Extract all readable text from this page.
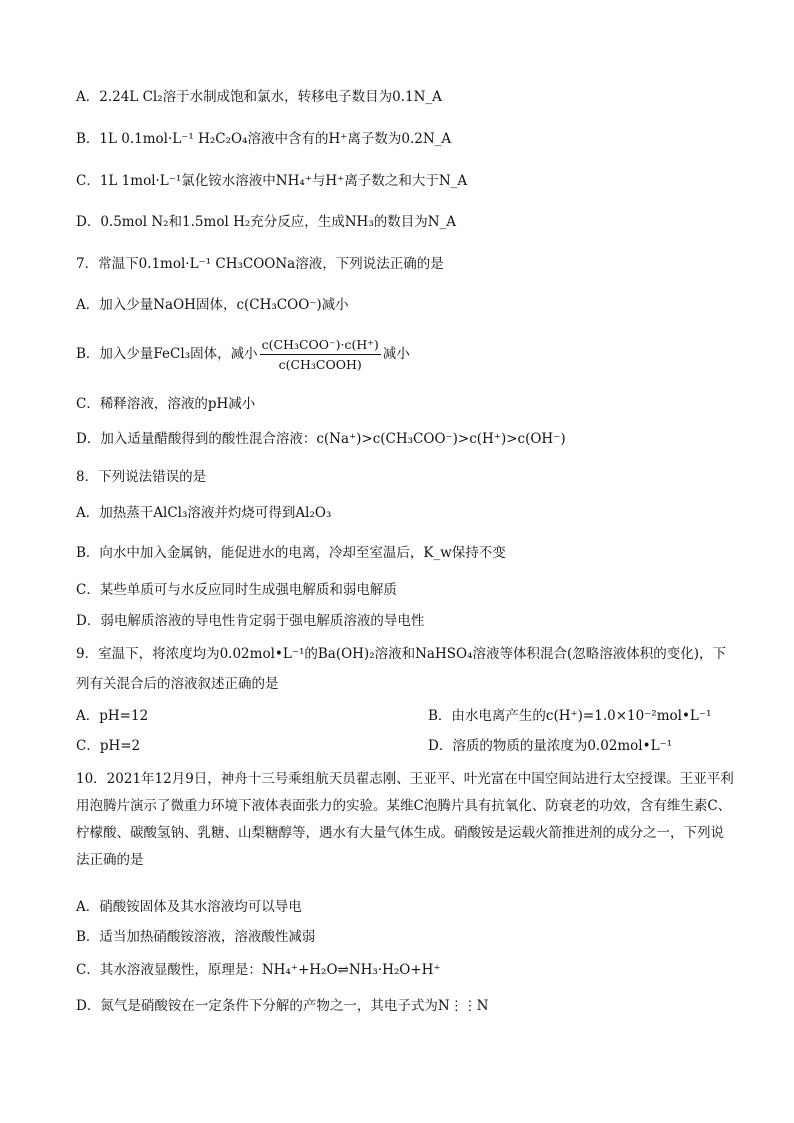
A．2.24L Cl₂溶于水制成饱和氯水，转移电子数目为0.1N_A
B．1L 0.1mol·L⁻¹ H₂C₂O₄溶液中含有的H⁺离子数为0.2N_A
C．1L 1mol·L⁻¹氯化铵水溶液中NH₄⁺与H⁺离子数之和大于N_A
D．0.5mol N₂和1.5mol H₂充分反应，生成NH₃的数目为N_A
7．常温下0.1mol·L⁻¹ CH₃COONa溶液，下列说法正确的是
A．加入少量NaOH固体，c(CH₃COO⁻)减小
B．加入少量FeCl₃固体，减小 $\frac{\text{c(CH₃COO⁻)·c(H⁺)}}{\text{c(CH₃COOH)}}$ 减小
C．稀释溶液，溶液的pH减小
D．加入适量醋酸得到的酸性混合溶液：c(Na⁺)>c(CH₃COO⁻)>c(H⁺)>c(OH⁻)
8．下列说法错误的是
A．加热蒸干AlCl₃溶液并灼烧可得到Al₂O₃
B．向水中加入金属钠，能促进水的电离，冷却至室温后，K_w保持不变
C．某些单质可与水反应同时生成强电解质和弱电解质
D．弱电解质溶液的导电性肯定弱于强电解质溶液的导电性
9．室温下，将浓度均为0.02mol•L⁻¹的Ba(OH)₂溶液和NaHSO₄溶液等体积混合(忽略溶液体积的变化)，下
列有关混合后的溶液叙述正确的是
A．pH=12	B．由水电离产生的c(H⁺)=1.0×10⁻²mol•L⁻¹
C．pH=2	D．溶质的物质的量浓度为0.02mol•L⁻¹
10．2021年12月9日，神舟十三号乘组航天员翟志刚、王亚平、叶光富在中国空间站进行太空授课。王亚平利用泡腾片演示了微重力环境下液体表面张力的实验。某维C泡腾片具有抗氧化、防衰老的功效，含有维生素C、柠檬酸、碳酸氢钠、乳糖、山梨糖醇等，遇水有大量气体生成。硝酸铵是运载火箭推进剂的成分之一，下列说法正确的是
A．硝酸铵固体及其水溶液均可以导电
B．适当加热硝酸铵溶液，溶液酸性减弱
C．其水溶液显酸性，原理是：NH₄⁺+H₂O⇌NH₃·H₂O+H⁺
D．氮气是硝酸铵在一定条件下分解的产物之一，其电子式为N⋮⋮N
